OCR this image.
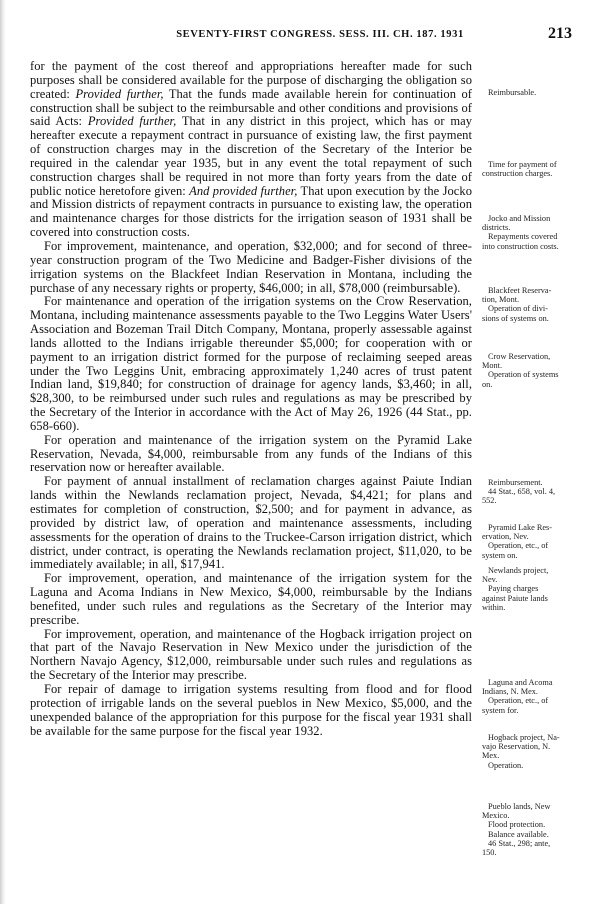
SEVENTY-FIRST CONGRESS. SESS. III. CH. 187. 1931	213

for the payment of the cost thereof and appropriations hereafter made for such purposes shall be considered available for the purpose of discharging the obligation so created: Provided further, That the funds made available herein for continuation of construction shall be subject to the reimbursable and other conditions and provisions of said Acts: Provided further, That in any district in this project, which has or may hereafter execute a repayment contract in pursuance of existing law, the first payment of construction charges may in the discretion of the Secretary of the Interior be required in the calendar year 1935, but in any event the total repayment of such construction charges shall be required in not more than forty years from the date of public notice heretofore given: And provided further, That upon execution by the Jocko and Mission districts of repayment contracts in pursuance to existing law, the operation and maintenance charges for those districts for the irrigation season of 1931 shall be covered into construction costs.

For improvement, maintenance, and operation, $32,000; and for second of three-year construction program of the Two Medicine and Badger-Fisher divisions of the irrigation systems on the Blackfeet Indian Reservation in Montana, including the purchase of any necessary rights or property, $46,000; in all, $78,000 (reimbursable).

For maintenance and operation of the irrigation systems on the Crow Reservation, Montana, including maintenance assessments payable to the Two Leggins Water Users' Association and Bozeman Trail Ditch Company, Montana, properly assessable against lands allotted to the Indians irrigable thereunder $5,000; for cooperation with or payment to an irrigation district formed for the purpose of reclaiming seeped areas under the Two Leggins Unit, embracing approximately 1,240 acres of trust patent Indian land, $19,840; for construction of drainage for agency lands, $3,460; in all, $28,300, to be reimbursed under such rules and regulations as may be prescribed by the Secretary of the Interior in accordance with the Act of May 26, 1926 (44 Stat., pp. 658-660).

For operation and maintenance of the irrigation system on the Pyramid Lake Reservation, Nevada, $4,000, reimbursable from any funds of the Indians of this reservation now or hereafter available.

For payment of annual installment of reclamation charges against Paiute Indian lands within the Newlands reclamation project, Nevada, $4,421; for plans and estimates for completion of construction, $2,500; and for payment in advance, as provided by district law, of operation and maintenance assessments, including assessments for the operation of drains to the Truckee-Carson irrigation district, which district, under contract, is operating the Newlands reclamation project, $11,020, to be immediately available; in all, $17,941.

For improvement, operation, and maintenance of the irrigation system for the Laguna and Acoma Indians in New Mexico, $4,000, reimbursable by the Indians benefited, under such rules and regulations as the Secretary of the Interior may prescribe.

For improvement, operation, and maintenance of the Hogback irrigation project on that part of the Navajo Reservation in New Mexico under the jurisdiction of the Northern Navajo Agency, $12,000, reimbursable under such rules and regulations as the Secretary of the Interior may prescribe.

For repair of damage to irrigation systems resulting from flood and for flood protection of irrigable lands on the several pueblos in New Mexico, $5,000, and the unexpended balance of the appropriation for this purpose for the fiscal year 1931 shall be available for the same purpose for the fiscal year 1932.

Reimbursable.
Time for payment of
construction charges.
Jocko and Mission
districts.
Repayments covered
into construction costs.
Blackfeet Reserva-
tion, Mont.
Operation of divi-
sions of systems on.
Crow Reservation,
Mont.
Operation of systems
on.
Reimbursement.
44 Stat., 658, vol. 4,
552.
Pyramid Lake Res-
ervation, Nev.
Operation, etc., of
system on.
Newlands project,
Nev.
Paying charges
against Paiute lands
within.
Laguna and Acoma
Indians, N. Mex.
Operation, etc., of
system for.
Hogback project, Na-
vajo Reservation, N.
Mex.
Operation.
Pueblo lands, New
Mexico.
Flood protection.
Balance available.
46 Stat., 298; ante,
150.
